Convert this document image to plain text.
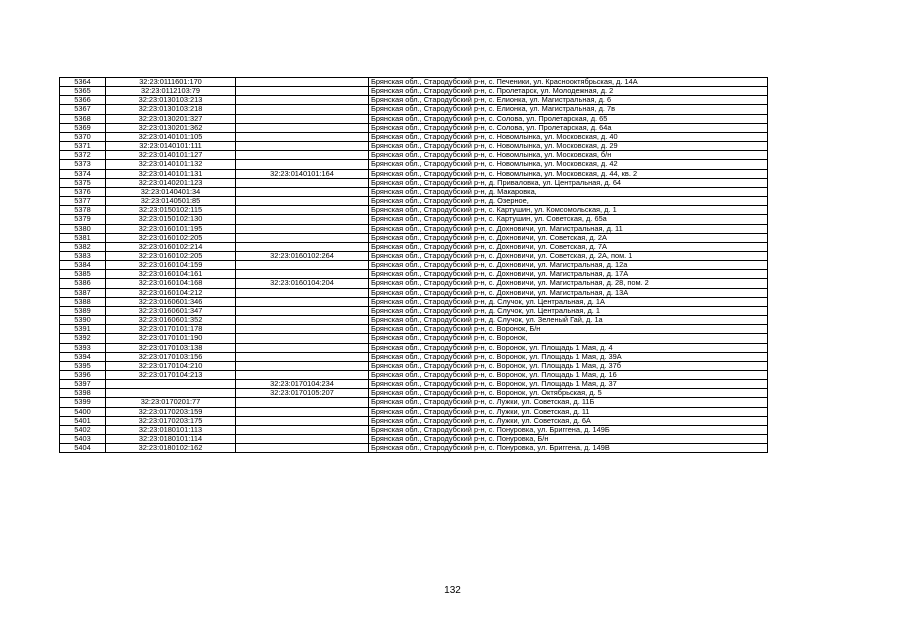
5364	32:23:0111601:170		Брянская обл., Стародубский р-н, с. Печеники, ул. Краснооктябрьская, д. 14А
5365	32:23:0112103:79		Брянская обл., Стародубский р-н, с. Пролетарск, ул. Молодежная, д. 2
5366	32:23:0130103:213		Брянская обл., Стародубский р-н, с. Елионка, ул. Магистральная, д. 6
5367	32:23:0130103:218		Брянская обл., Стародубский р-н, с. Елионка, ул. Магистральная, д. 7в
5368	32:23:0130201:327		Брянская обл., Стародубский р-н, с. Солова, ул. Пролетарская, д. 65
5369	32:23:0130201:362		Брянская обл., Стародубский р-н, с. Солова, ул. Пролетарская, д. 64а
5370	32:23:0140101:105		Брянская обл., Стародубский р-н, с. Новомлынка, ул. Московская, д. 40
5371	32:23:0140101:111		Брянская обл., Стародубский р-н, с. Новомлынка, ул. Московская, д. 29
5372	32:23:0140101:127		Брянская обл., Стародубский р-н, с. Новомлынка, ул. Московская, б/н
5373	32:23:0140101:132		Брянская обл., Стародубский р-н, с. Новомлынка, ул. Московская, д. 42
5374	32:23:0140101:131	32:23:0140101:164	Брянская обл., Стародубский р-н, с. Новомлынка, ул. Московская, д. 44, кв. 2
5375	32:23:0140201:123		Брянская обл., Стародубский р-н, д. Приваловка, ул. Центральная, д. 64
5376	32:23:0140401:34		Брянская обл., Стародубский р-н, д. Макаровка,
5377	32:23:0140501:85		Брянская обл., Стародубский р-н, д. Озерное,
5378	32:23:0150102:115		Брянская обл., Стародубский р-н, с. Картушин, ул. Комсомольская, д. 1
5379	32:23:0150102:130		Брянская обл., Стародубский р-н, с. Картушин, ул. Советская, д. 65а
5380	32:23:0160101:195		Брянская обл., Стародубский р-н, с. Дохновичи, ул. Магистральная, д. 11
5381	32:23:0160102:205		Брянская обл., Стародубский р-н, с. Дохновичи, ул. Советская, д. 2А
5382	32:23:0160102:214		Брянская обл., Стародубский р-н, с. Дохновичи, ул. Советская, д. 7А
5383	32:23:0160102:205	32:23:0160102:264	Брянская обл., Стародубский р-н, с. Дохновичи, ул. Советская, д. 2А, пом. 1
5384	32:23:0160104:159		Брянская обл., Стародубский р-н, с. Дохновичи, ул. Магистральная, д. 12а
5385	32:23:0160104:161		Брянская обл., Стародубский р-н, с. Дохновичи, ул. Магистральная, д. 17А
5386	32:23:0160104:168	32:23:0160104:204	Брянская обл., Стародубский р-н, с. Дохновичи, ул. Магистральная, д. 28, пом. 2
5387	32:23:0160104:212		Брянская обл., Стародубский р-н, с. Дохновичи, ул. Магистральная, д. 13А
5388	32:23:0160601:346		Брянская обл., Стародубский р-н, д. Случок, ул. Центральная, д. 1А
5389	32:23:0160601:347		Брянская обл., Стародубский р-н, д. Случок, ул. Центральная, д. 1
5390	32:23:0160601:352		Брянская обл., Стародубский р-н, д. Случок, ул. Зеленый Гай, д. 1а
5391	32:23:0170101:178		Брянская обл., Стародубский р-н, с. Воронок, Б/н
5392	32:23:0170101:190		Брянская обл., Стародубский р-н, с. Воронок,
5393	32:23:0170103:138		Брянская обл., Стародубский р-н, с. Воронок, ул. Площадь 1 Мая, д. 4
5394	32:23:0170103:156		Брянская обл., Стародубский р-н, с. Воронок, ул. Площадь 1 Мая, д. 39А
5395	32:23:0170104:210		Брянская обл., Стародубский р-н, с. Воронок, ул. Площадь 1 Мая, д. 37б
5396	32:23:0170104:213		Брянская обл., Стародубский р-н, с. Воронок, ул. Площадь 1 Мая, д. 16
5397		32:23:0170104:234	Брянская обл., Стародубский р-н, с. Воронок, ул. Площадь 1 Мая, д. 37
5398		32:23:0170105:207	Брянская обл., Стародубский р-н, с. Воронок, ул. Октябрьская, д. 5
5399	32:23:0170201:77		Брянская обл., Стародубский р-н, с. Лужки, ул. Советская, д. 11Б
5400	32:23:0170203:159		Брянская обл., Стародубский р-н, с. Лужки, ул. Советская, д. 11
5401	32:23:0170203:175		Брянская обл., Стародубский р-н, с. Лужки, ул. Советская, д. 6А
5402	32:23:0180101:113		Брянская обл., Стародубский р-н, с. Понуровка, ул. Бриггена, д. 149Б
5403	32:23:0180101:114		Брянская обл., Стародубский р-н, с. Понуровка, Б/н
5404	32:23:0180102:162		Брянская обл., Стародубский р-н, с. Понуровка, ул. Бриггена, д. 149В
132
